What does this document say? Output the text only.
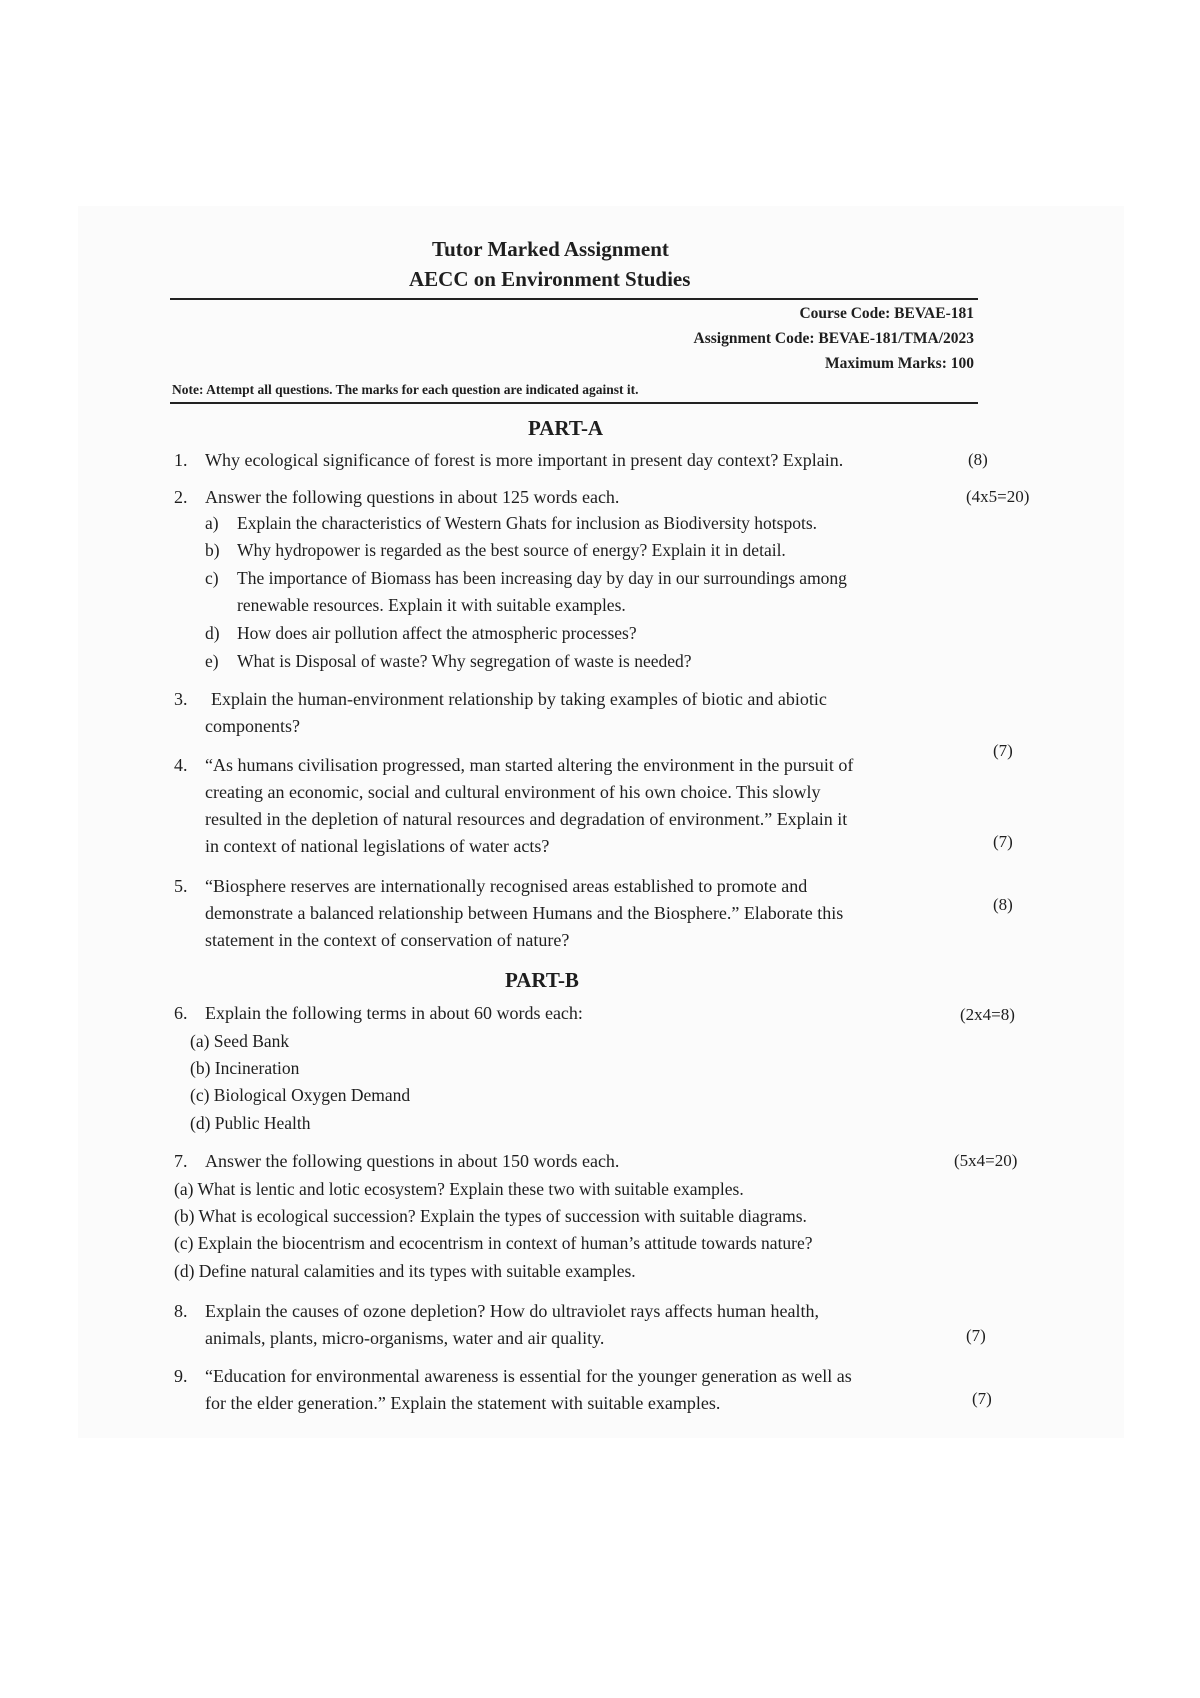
Tutor Marked Assignment
AECC on Environment Studies
Course Code: BEVAE-181
Assignment Code: BEVAE-181/TMA/2023
Maximum Marks: 100
Note: Attempt all questions. The marks for each question are indicated against it.
PART-A
1. Why ecological significance of forest is more important in present day context? Explain.	(8)
2. Answer the following questions in about 125 words each.	(4x5=20)
a) Explain the characteristics of Western Ghats for inclusion as Biodiversity hotspots.
b) Why hydropower is regarded as the best source of energy? Explain it in detail.
c) The importance of Biomass has been increasing day by day in our surroundings among
renewable resources. Explain it with suitable examples.
d) How does air pollution affect the atmospheric processes?
e) What is Disposal of waste? Why segregation of waste is needed?
3. Explain the human-environment relationship by taking examples of biotic and abiotic
components?
(7)
4. “As humans civilisation progressed, man started altering the environment in the pursuit of
creating an economic, social and cultural environment of his own choice. This slowly
resulted in the depletion of natural resources and degradation of environment.” Explain it
in context of national legislations of water acts?	(7)
5. “Biosphere reserves are internationally recognised areas established to promote and
demonstrate a balanced relationship between Humans and the Biosphere.” Elaborate this
statement in the context of conservation of nature?
(8)
PART-B
6. Explain the following terms in about 60 words each:	(2x4=8)
(a) Seed Bank
(b) Incineration
(c) Biological Oxygen Demand
(d) Public Health
7. Answer the following questions in about 150 words each.	(5x4=20)
(a) What is lentic and lotic ecosystem? Explain these two with suitable examples.
(b) What is ecological succession? Explain the types of succession with suitable diagrams.
(c) Explain the biocentrism and ecocentrism in context of human’s attitude towards nature?
(d) Define natural calamities and its types with suitable examples.
8. Explain the causes of ozone depletion? How do ultraviolet rays affects human health,
animals, plants, micro-organisms, water and air quality.	(7)
9. “Education for environmental awareness is essential for the younger generation as well as
for the elder generation.” Explain the statement with suitable examples.	(7)
